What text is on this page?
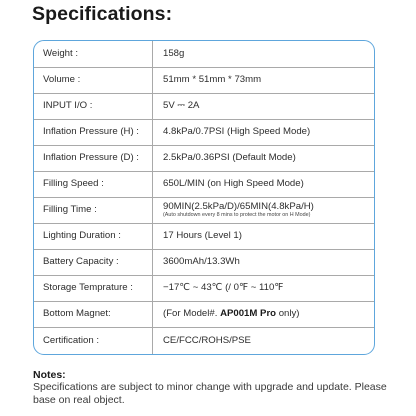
Specifications:
Weight :	158g
Volume :	51mm * 51mm * 73mm
INPUT I/O :	5V ⎓ 2A
Inflation Pressure (H) :	4.8kPa/0.7PSI (High Speed Mode)
Inflation Pressure (D) :	2.5kPa/0.36PSI (Default Mode)
Filling Speed :	650L/MIN (on High Speed Mode)
Filling Time :	90MIN(2.5kPa/D)/65MIN(4.8kPa/H)
(Auto shutdown every 8 mins to protect the motor on H Mode)
Lighting Duration :	17 Hours (Level 1)
Battery Capacity :	3600mAh/13.3Wh
Storage Temprature :	−17℃ ~ 43℃ (/ 0℉ ~ 110℉
Bottom Magnet:	(For Model#. AP001M Pro only)
Certification :	CE/FCC/ROHS/PSE
Notes:
Specifications are subject to minor change with upgrade and update. Please base on real object.
